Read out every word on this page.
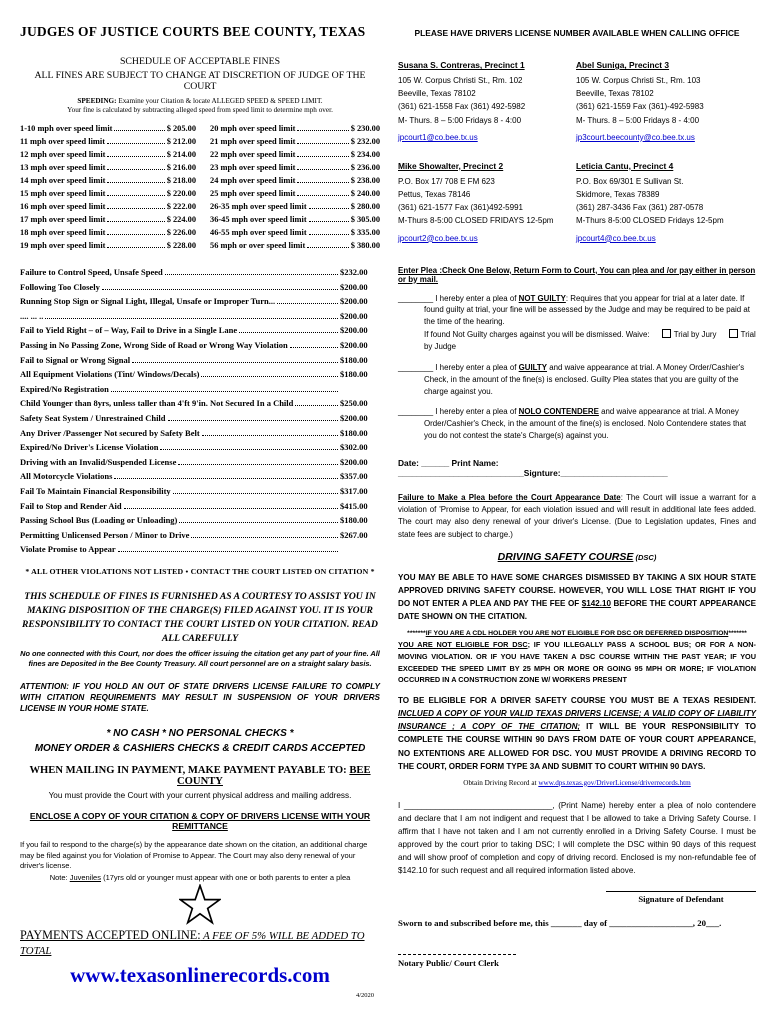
JUDGES OF JUSTICE COURTS BEE COUNTY, TEXAS
SCHEDULE OF ACCEPTABLE FINES
ALL FINES ARE SUBJECT TO CHANGE AT DISCRETION OF JUDGE OF THE COURT
SPEEDING: Examine your Citation & locate ALLEGED SPEED & SPEED LIMIT.
Your fine is calculated by subtracting alleged speed from speed limit to determine mph over.
1-10 mph over speed limit	$ 205.00
11 mph over speed limit	$ 212.00
12 mph over speed limit	$ 214.00
13 mph over speed limit	$ 216.00
14 mph over speed limit	$ 218.00
15 mph over speed limit	$ 220.00
16 mph over speed limit	$ 222.00
17 mph over speed limit	$ 224.00
18 mph over speed limit	$ 226.00
19 mph over speed limit	$ 228.00
20 mph over speed limit	$ 230.00
21 mph over speed limit	$ 232.00
22 mph over speed limit	$ 234.00
23 mph over speed limit	$ 236.00
24 mph over speed limit	$ 238.00
25 mph over speed limit	$ 240.00
26-35 mph over speed limit	$ 280.00
36-45 mph over speed limit	$ 305.00
46-55 mph over speed limit	$ 335.00
56 mph or over speed limit	$ 380.00
Failure to Control Speed, Unsafe Speed	$232.00
Following Too Closely	$200.00
Running Stop Sign or Signal Light, Illegal, Unsafe or Improper Turn...	$200.00
.... ... ..	$200.00
Fail to Yield Right – of – Way, Fail to Drive in a Single Lane	$200.00
Passing in No Passing Zone, Wrong Side of Road or Wrong Way Violation	$200.00
Fail to Signal or Wrong Signal	$180.00
All Equipment Violations (Tint/ Windows/Decals)	$180.00
Expired/No Registration
Child Younger than 8yrs, unless taller than 4'ft 9'in. Not Secured In a Child	$250.00
Safety Seat System / Unrestrained Child	$200.00
Any Driver /Passenger Not secured by Safety Belt	$180.00
Expired/No Driver's License Violation	$302.00
Driving with an Invalid/Suspended License	$200.00
All Motorcycle Violations	$357.00
Fail To Maintain Financial Responsibility	$317.00
Fail to Stop and Render Aid	$415.00
Passing School Bus (Loading or Unloading)	$180.00
Permitting Unlicensed Person / Minor to Drive	$267.00
Violate Promise to Appear
* ALL OTHER VIOLATIONS NOT LISTED • CONTACT THE COURT LISTED ON CITATION *
THIS SCHEDULE OF FINES IS FURNISHED AS A COURTESY TO ASSIST YOU IN MAKING DISPOSITION OF THE CHARGE(S) FILED AGAINST YOU. IT IS YOUR RESPONSIBILITY TO CONTACT THE COURT LISTED ON YOUR CITATION. READ ALL CAREFULLY
No one connected with this Court, nor does the officer issuing the citation get any part of your fine. All fines are Deposited in the Bee County Treasury. All court personnel are on a straight salary basis.
ATTENTION: IF YOU HOLD AN OUT OF STATE DRIVERS LICENSE FAILURE TO COMPLY WITH CITATION REQUIREMENTS MAY RESULT IN SUSPENSION OF YOUR DRIVERS LICENSE IN YOUR HOME STATE.
* NO CASH * NO PERSONAL CHECKS *
MONEY ORDER & CASHIERS CHECKS & CREDIT CARDS ACCEPTED
WHEN MAILING IN PAYMENT, MAKE PAYMENT PAYABLE TO: BEE COUNTY
You must provide the Court with your current physical address and mailing address.
ENCLOSE A COPY OF YOUR CITATION & COPY OF DRIVERS LICENSE WITH YOUR REMITTANCE
If you fail to respond to the charge(s) by the appearance date shown on the citation, an additional charge may be filed against you for Violation of Promise to Appear. The Court may also deny renewal of your driver's license.
Note: Juveniles (17yrs old or younger must appear with one or both parents to enter a plea
PAYMENTS ACCEPTED ONLINE: A FEE OF 5% WILL BE ADDED TO TOTAL
www.texasonlinerecords.com
4/2020
PLEASE HAVE DRIVERS LICENSE NUMBER AVAILABLE WHEN CALLING OFFICE
Susana S. Contreras, Precinct 1
105 W. Corpus Christi St., Rm. 102
Beeville, Texas 78102
(361) 621-1558 Fax (361) 492-5982
M- Thurs. 8 – 5:00 Fridays 8 - 4:00
jpcourt1@co.bee.tx.us
Abel Suniga, Precinct 3
105 W. Corpus Christi St., Rm. 103
Beeville, Texas 78102
(361) 621-1559 Fax (361)-492-5983
M- Thurs. 8 – 5:00 Fridays 8 - 4:00
jp3court.beecounty@co.bee.tx.us
Mike Showalter, Precinct 2
P.O. Box 17/ 708 E FM 623
Pettus, Texas 78146
(361) 621-1577 Fax (361)492-5991
M-Thurs 8-5:00 CLOSED FRIDAYS 12-5pm
jpcourt2@co.bee.tx.us
Leticia Cantu, Precinct 4
P.O. Box 69/301 E Sullivan St.
Skidmore, Texas 78389
(361) 287-3436 Fax (361) 287-0578
M-Thurs 8-5:00 CLOSED Fridays 12-5pm
jpcourt4@co.bee.tx.us
Enter Plea :Check One Below, Return Form to Court, You can plea and /or pay either in person or by mail.
________ I hereby enter a plea of NOT GUILTY: Requires that you appear for trial at a later date. If found guilty at trial, your fine will be assessed by the Judge and may be required to be paid at the time of the hearing.
If found Not Guilty charges against you will be dismissed. Waive:	Trial by Jury	Trial by Judge
________ I hereby enter a plea of GUILTY and waive appearance at trial. A Money Order/Cashier's Check, in the amount of the fine(s) is enclosed. Guilty Plea states that you are guilty of the charge against you.
________ I hereby enter a plea of NOLO CONTENDERE and waive appearance at trial. A Money Order/Cashier's Check, in the amount of the fine(s) is enclosed. Nolo Contendere states that you do not contest the state's Charge(s) against you.
Date: ______ Print Name: ___________________________Signture:_______________________
Failure to Make a Plea before the Court Appearance Date: The Court will issue a warrant for a violation of 'Promise to Appear, for each violation issued and will result in additional late fees added. The court may also deny renewal of your driver's License. (Due to Legislation updates, Fines and state fees are subject to charge.)
DRIVING SAFETY COURSE (DSC)
YOU MAY BE ABLE TO HAVE SOME CHARGES DISMISSED BY TAKING A SIX HOUR STATE APPROVED DRIVING SAFETY COURSE. HOWEVER, YOU WILL LOSE THAT RIGHT IF YOU DO NOT ENTER A PLEA AND PAY THE FEE OF $142.10 BEFORE THE COURT APPEARANCE DATE SHOWN ON THE CITATION.
*******IF YOU ARE A CDL HOLDER YOU ARE NOT ELIGIBLE FOR DSC OR DEFERRED DISPOSITION*******
YOU ARE NOT ELIGIBLE FOR DSC; IF YOU ILLEGALLY PASS A SCHOOL BUS; OR FOR A NON- MOVING VIOLATION. OR IF YOU HAVE TAKEN A DSC COURSE WITHIN THE PAST YEAR; IF YOU EXCEEDED THE SPEED LIMIT BY 25 MPH OR MORE OR GOING 95 MPH OR MORE; IF VIOLATION OCCURRED IN A CONSTRUCTION ZONE W/ WORKERS PRESENT
TO BE ELIGIBLE FOR A DRIVER SAFETY COURSE YOU MUST BE A TEXAS RESIDENT. INCLUED A COPY OF YOUR VALID TEXAS DRIVERS LICENSE; A VALID COPY OF LIABILITY INSURANCE ; A COPY OF THE CITATION; IT WILL BE YOUR RESPONSIBILITY TO COMPLETE THE COURSE WITHIN 90 DAYS FROM DATE OF YOUR COURT APPEARANCE, NO EXTENTIONS ARE ALLOWED FOR DSC. YOU MUST PROVIDE A DRIVING RECORD TO THE COURT, ORDER FORM TYPE 3A AND SUBMIT TO COURT WITHIN 90 DAYS.
Obtain Driving Record at www.dps.texas.gov/DriverLicense/driverrecords.htm
I _________________________________, (Print Name) hereby enter a plea of nolo contendere and declare that I am not indigent and request that I be allowed to take a Driving Safety Course. I affirm that I have not taken and I am not currently enrolled in a Driving Safety Course. I must be approved by the court prior to taking DSC; I will complete the DSC within 90 days of this request and will show proof of completion and copy of driving record. Enclosed is my non-refundable fee of $142.10 for such request and all required information listed above.
Signature of Defendant
Sworn to and subscribed before me, this _______ day of ___________________, 20___.
Notary Public/ Court Clerk
